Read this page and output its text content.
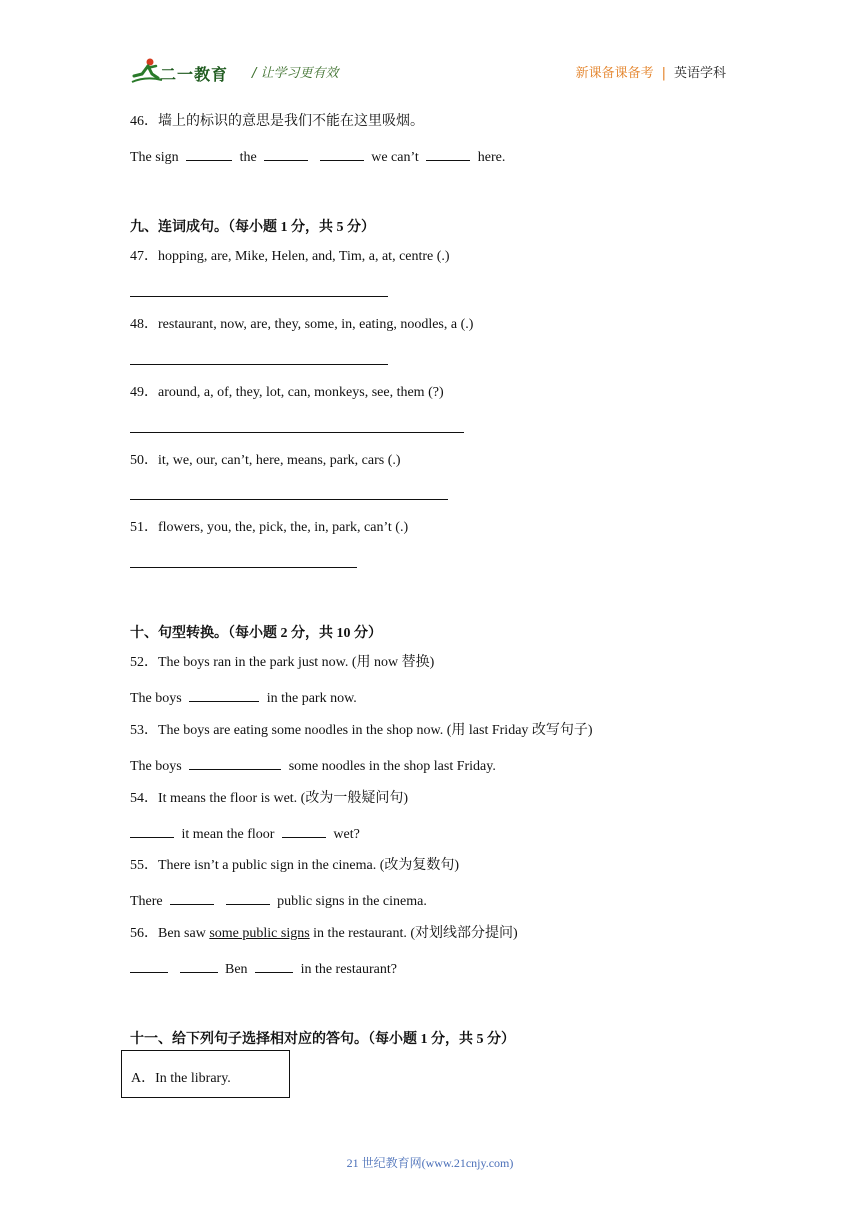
二一教育 / 让学习更有效	新课备课备考 | 英语学科
46．墙上的标识的意思是我们不能在这里吸烟。
The sign	the	we can’t	here.
九、连词成句。（每小题 1 分，共 5 分）
47．hopping, are, Mike, Helen, and, Tim, a, at, centre (.)
48．restaurant, now, are, they, some, in, eating, noodles, a (.)
49．around, a, of, they, lot, can, monkeys, see, them (?)
50．it, we, our, can’t, here, means, park, cars (.)
51．flowers, you, the, pick, the, in, park, can’t (.)
十、句型转换。（每小题 2 分，共 10 分）
52．The boys ran in the park just now. (用 now 替换)
The boys	in the park now.
53．The boys are eating some noodles in the shop now. (用 last Friday 改写句子)
The boys	some noodles in the shop last Friday.
54．It means the floor is wet. (改为一般疑问句)
it mean the floor	wet?
55．There isn’t a public sign in the cinema. (改为复数句)
There	public signs in the cinema.
56．Ben saw some public signs in the restaurant. (对划线部分提问)
Ben	in the restaurant?
十一、给下列句子选择相对应的答句。（每小题 1 分，共 5 分）
A．In the library.
21 世纪教育网(www.21cnjy.com)
